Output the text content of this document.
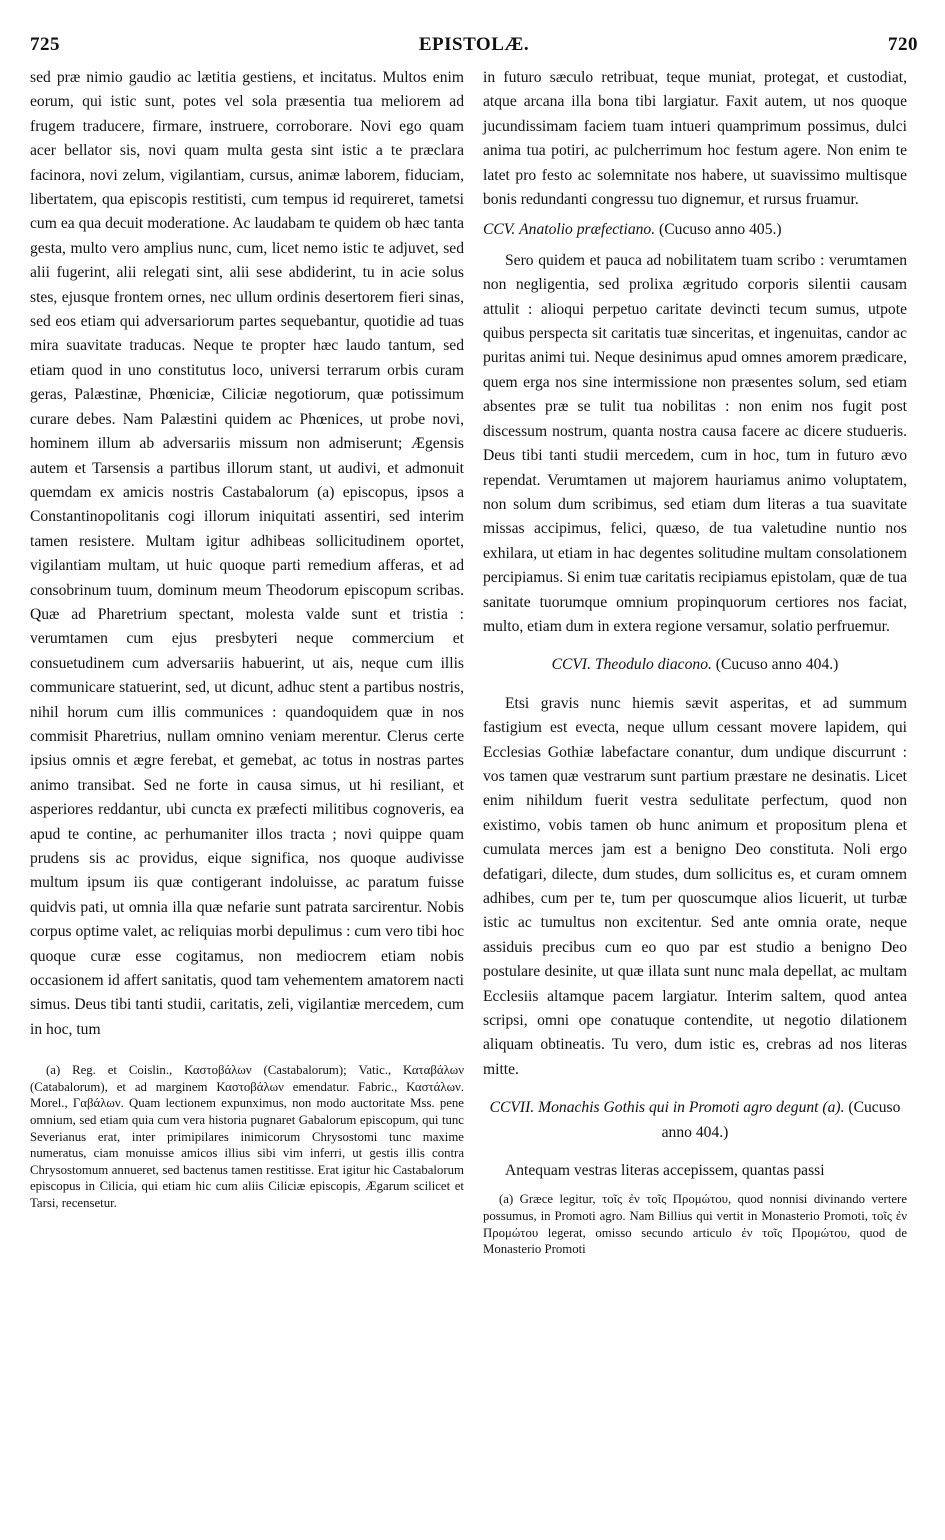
EPISTOLÆ.
725	720

sed præ nimio gaudio ac lætitia gestiens, et incitatus. Multos enim eorum, qui istic sunt, potes vel sola præsentia tua meliorem ad frugem traducere, firmare, instruere, corroborare. Novi ego quam acer bellator sis, novi quam multa gesta sint istic a te præclara facinora, novi zelum, vigilantiam, cursus, animæ laborem, fiduciam, libertatem, qua episcopis restitisti, cum tempus id requireret, tametsi cum ea qua decuit moderatione. Ac laudabam te quidem ob hæc tanta gesta, multo vero amplius nunc, cum, licet nemo istic te adjuvet, sed alii fugerint, alii relegati sint, alii sese abdiderint, tu in acie solus stes, ejusque frontem ornes, nec ullum ordinis desertorem fieri sinas, sed eos etiam qui adversariorum partes sequebantur, quotidie ad tuas mira suavitate traducas. Neque te propter hæc laudo tantum, sed etiam quod in uno constitutus loco, universi terrarum orbis curam geras, Palæstinæ, Phœniciæ, Ciliciæ negotiorum, quæ potissimum curare debes. Nam Palæstini quidem ac Phœnices, ut probe novi, hominem illum ab adversariis missum non admiserunt; Ægensis autem et Tarsensis a partibus illorum stant, ut audivi, et admonuit quemdam ex amicis nostris Castabalorum (a) episcopus, ipsos a Constantinopolitanis cogi illorum iniquitati assentiri, sed interim tamen resistere. Multam igitur adhibeas sollicitudinem oportet, vigilantiam multam, ut huic quoque parti remedium afferas, et ad consobrinum tuum, dominum meum Theodorum episcopum scribas. Quæ ad Pharetrium spectant, molesta valde sunt et tristia : verumtamen cum ejus presbyteri neque commercium et consuetudinem cum adversariis habuerint, ut ais, neque cum illis communicare statuerint, sed, ut dicunt, adhuc stent a partibus nostris, nihil horum cum illis communices : quandoquidem quæ in nos commisit Pharetrius, nullam omnino veniam merentur. Clerus certe ipsius omnis et ægre ferebat, et gemebat, ac totus in nostras partes animo transibat. Sed ne forte in causa simus, ut hi resiliant, et asperiores reddantur, ubi cuncta ex præfecti militibus cognoveris, ea apud te contine, ac perhumaniter illos tracta ; novi quippe quam prudens sis ac providus, eique significa, nos quoque audivisse multum ipsum iis quæ contigerant indoluisse, ac paratum fuisse quidvis pati, ut omnia illa quæ nefarie sunt patrata sarcirentur. Nobis corpus optime valet, ac reliquias morbi depulimus : cum vero tibi hoc quoque curæ esse cogitamus, non mediocrem etiam nobis occasionem id affert sanitatis, quod tam vehementem amatorem nacti simus. Deus tibi tanti studii, caritatis, zeli, vigilantiæ mercedem, cum in hoc, tum

(a) Reg. et Coislin., Καστοβάλων (Castabalorum); Vatic., Καταβάλων (Catabalorum), et ad marginem Καστοβάλων emendatur. Fabric., Καστάλων. Morel., Γαβάλων. Quam lectionem expunximus, non modo auctoritate Mss. pene omnium, sed etiam quia cum vera historia pugnaret Gabalorum episcopum, qui tunc Severianus erat, inter primipilares inimicorum Chrysostomi tunc maxime numeratus, ciam monuisse amicos illius sibi vim inferri, ut gestis illis contra Chrysostomum annueret, sed bactenus tamen restitisse. Erat igitur hic Castabalorum episcopus in Cilicia, qui etiam hic cum aliis Ciliciæ episcopis, Ægarum scilicet et Tarsi, recensetur.

in futuro sæculo retribuat, teque muniat, protegat, et custodiat, atque arcana illa bona tibi largiatur. Faxit autem, ut nos quoque jucundissimam faciem tuam intueri quamprimum possimus, dulci anima tua potiri, ac pulcherrimum hoc festum agere. Non enim te latet pro festo ac solemnitate nos habere, ut suavissimo multisque bonis redundanti congressu tuo dignemur, et rursus fruamur.

CCV. Anatolio præfectiano. (Cucuso anno 405.)

Sero quidem et pauca ad nobilitatem tuam scribo : verumtamen non negligentia, sed prolixa ægritudo corporis silentii causam attulit : alioqui perpetuo caritate devincti tecum sumus, utpote quibus perspecta sit caritatis tuæ sinceritas, et ingenuitas, candor ac puritas animi tui. Neque desinimus apud omnes amorem prædicare, quem erga nos sine intermissione non præsentes solum, sed etiam absentes præ se tulit tua nobilitas : non enim nos fugit post discessum nostrum, quanta nostra causa facere ac dicere studueris. Deus tibi tanti studii mercedem, cum in hoc, tum in futuro ævo rependat. Verumtamen ut majorem hauriamus animo voluptatem, non solum dum scribimus, sed etiam dum literas a tua suavitate missas accipimus, felici, quæso, de tua valetudine nuntio nos exhilara, ut etiam in hac degentes solitudine multam consolationem percipiamus. Si enim tuæ caritatis recipiamus epistolam, quæ de tua sanitate tuorumque omnium propinquorum certiores nos faciat, multo, etiam dum in extera regione versamur, solatio perfruemur.

CCVI. Theodulo diacono. (Cucuso anno 404.)

Etsi gravis nunc hiemis sævit asperitas, et ad summum fastigium est evecta, neque ullum cessant movere lapidem, qui Ecclesias Gothiæ labefactare conantur, dum undique discurrunt : vos tamen quæ vestrarum sunt partium præstare ne desinatis. Licet enim nihildum fuerit vestra sedulitate perfectum, quod non existimo, vobis tamen ob hunc animum et propositum plena et cumulata merces jam est a benigno Deo constituta. Noli ergo defatigari, dilecte, dum studes, dum sollicitus es, et curam omnem adhibes, cum per te, tum per quoscumque alios licuerit, ut turbæ istic ac tumultus non excitentur. Sed ante omnia orate, neque assiduis precibus cum eo quo par est studio a benigno Deo postulare desinite, ut quæ illata sunt nunc mala depellat, ac multam Ecclesiis altamque pacem largiatur. Interim saltem, quod antea scripsi, omni ope conatuque contendite, ut negotio dilationem aliquam obtineatis. Tu vero, dum istic es, crebras ad nos literas mitte.

CCVII. Monachis Gothis qui in Promoti agro degunt (a). (Cucuso anno 404.)

Antequam vestras literas accepissem, quantas passi

(a) Græce legitur, τοῖς ἐν τοῖς Προμώτου, quod nonnisi divinando vertere possumus, in Promoti agro. Nam Billius qui vertit in Monasterio Promoti, τοῖς ἐν Προμώτου legerat, omisso secundo articulo ἐν τοῖς Προμώτου, quod de Monasterio Promoti
